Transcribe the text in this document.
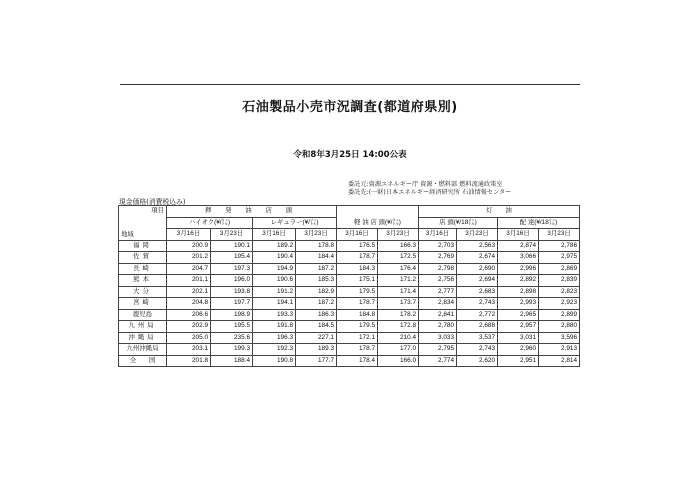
石油製品小売市況調査(都道府県別)
令和8年3月25日 14:00公表
委託元:資源エネルギー庁 資源・燃料部 燃料流通政策室
委託先:(一財)日本エネルギー経済研究所 石油情報センター
現金価格(消費税込み)
項目	揮 発 油 店 頭				軽 油 店 頭(¥/㍑)		灯　　油			
	ハイオク(¥/㍑)		レギュラー(¥/㍑)				店 頭(¥/18㍑)		配 達(¥/18㍑)	
地域	3月16日	3月23日	3月16日	3月23日	3月16日	3月23日	3月16日	3月23日	3月16日	3月23日
福岡	200.9	190.1	189.2	178.8	176.5	166.3	2,703	2,563	2,874	2,786
佐賀	201.2	195.4	190.4	184.4	178.7	172.5	2,769	2,674	3,066	2,975
長崎	204.7	197.3	194.9	187.2	184.3	176.4	2,798	2,690	2,996	2,869
熊本	201.1	196.0	190.6	185.3	175.1	171.2	2,756	2,694	2,892	2,839
大分	202.1	193.8	191.2	182.9	179.5	171.4	2,777	2,683	2,898	2,823
宮崎	204.8	197.7	194.1	187.2	178.7	173.7	2,834	2,743	2,993	2,923
鹿児島	206.6	198.9	193.3	186.3	184.8	178.2	2,841	2,772	2,965	2,899
九州局	202.9	195.5	191.8	184.5	179.5	172.8	2,780	2,688	2,957	2,880
沖縄局	205.0	235.6	196.3	227.1	172.1	210.4	3,033	3,537	3,031	3,596
九州沖縄局	203.1	199.3	192.3	189.3	178.7	177.0	2,795	2,743	2,960	2,913
全　　国	201.8	188.4	190.8	177.7	178.4	166.0	2,774	2,620	2,951	2,814
